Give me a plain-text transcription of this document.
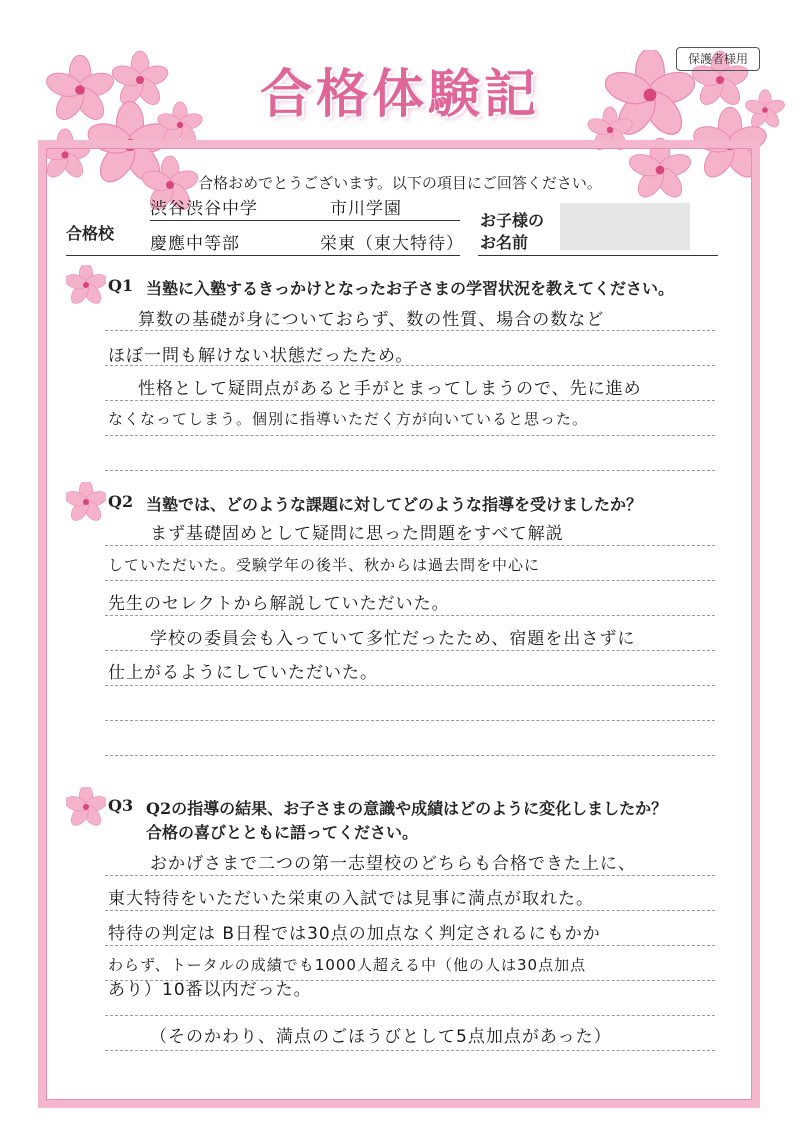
保護者様用
合格体験記
合格おめでとうございます。以下の項目にご回答ください。
合格校
渋谷渋谷中学	市川学園
慶應中等部	栄東（東大特待）
お子様の
お名前
Q1 当塾に入塾するきっかけとなったお子さまの学習状況を教えてください。
算数の基礎が身についておらず、数の性質、場合の数など
ほぼ一問も解けない状態だったため。
性格として疑問点があると手がとまってしまうので、先に進め
なくなってしまう。個別に指導いただく方が向いていると思った。
Q2 当塾では、どのような課題に対してどのような指導を受けましたか？
まず基礎固めとして疑問に思った問題をすべて解説
していただいた。受験学年の後半、秋からは過去問を中心に
先生のセレクトから解説していただいた。
学校の委員会も入っていて多忙だったため、宿題を出さずに
仕上がるようにしていただいた。
Q3 Q2の指導の結果、お子さまの意識や成績はどのように変化しましたか？
合格の喜びとともに語ってください。
おかげさまで二つの第一志望校のどちらも合格できた上に、
東大特待をいただいた栄東の入試では見事に満点が取れた。
特待の判定は B日程では30点の加点なく判定されるにもかか
わらず、トータルの成績でも1000人超える中（他の人は30点加点
あり）10番以内だった。
（そのかわり、満点のごほうびとして5点加点があった）
